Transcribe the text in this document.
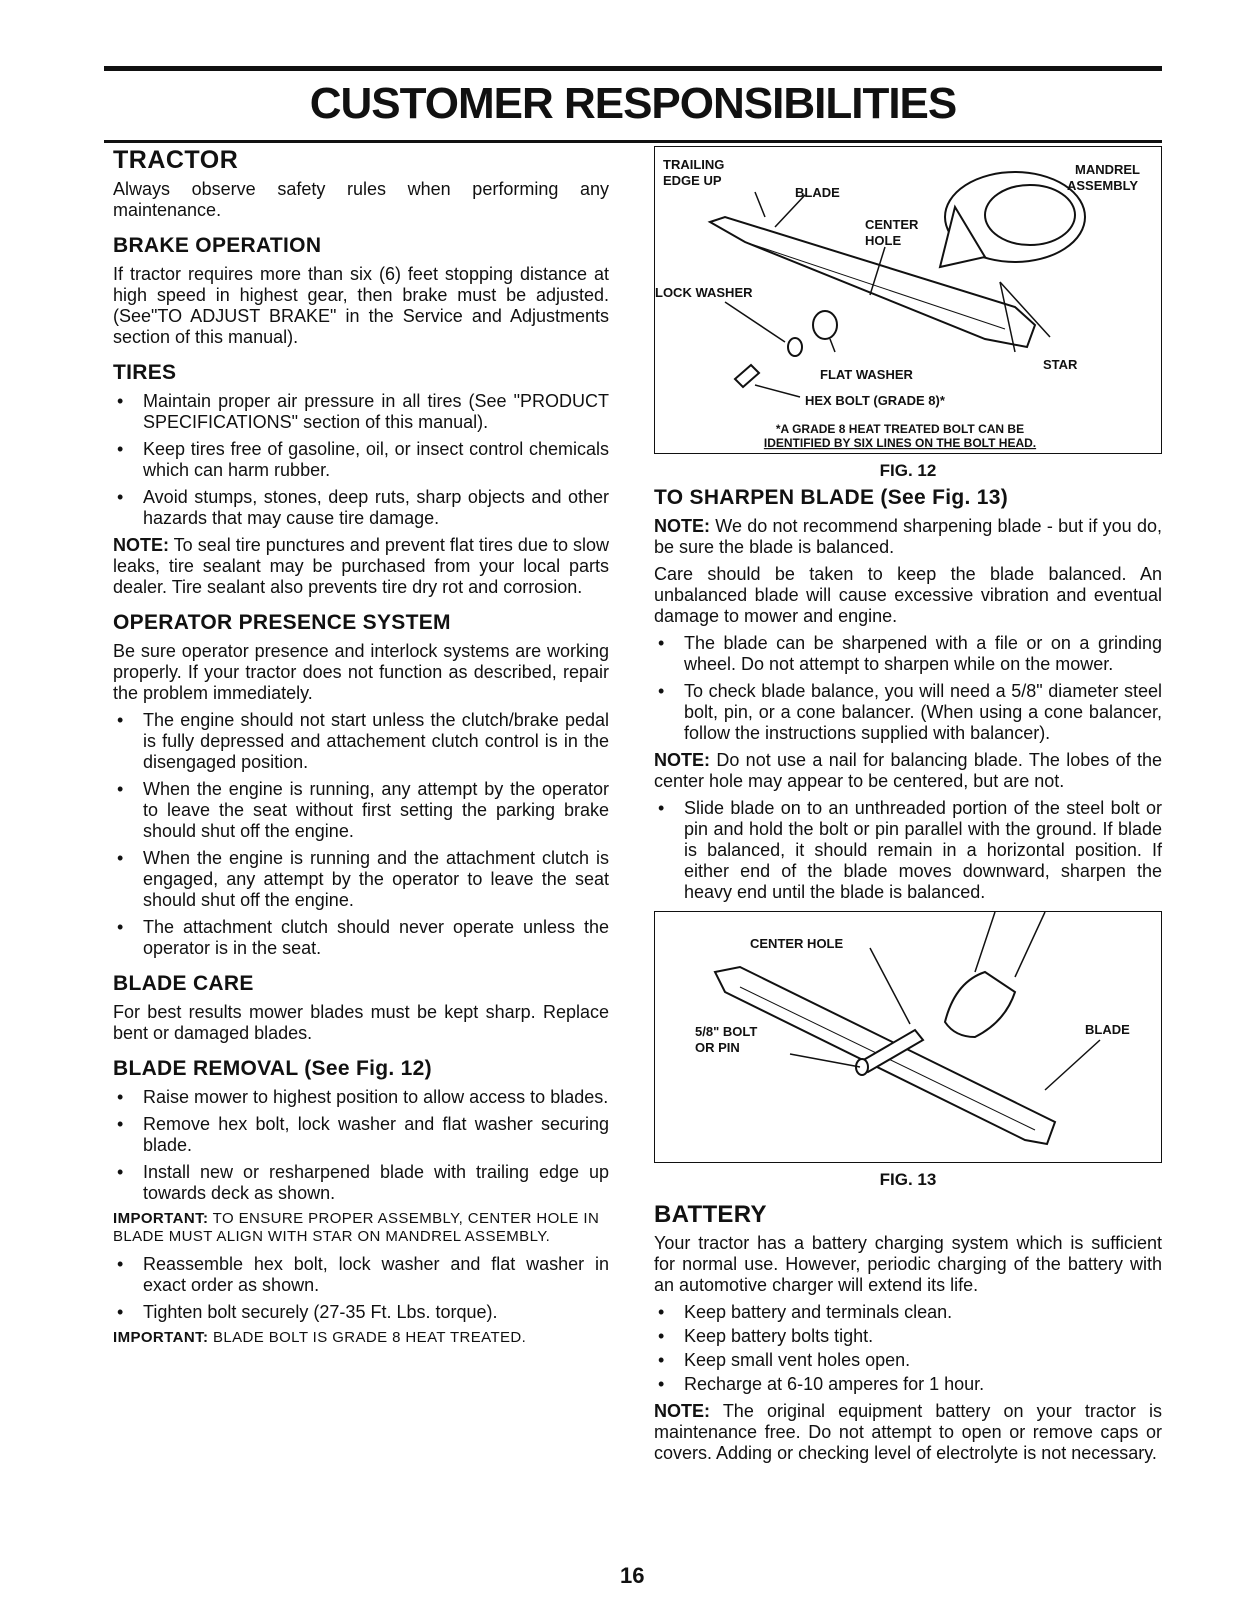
CUSTOMER RESPONSIBILITIES
TRACTOR

Always observe safety rules when performing any maintenance.

BRAKE OPERATION

If tractor requires more than six (6) feet stopping distance at high speed in highest gear, then brake must be adjusted. (See"TO ADJUST BRAKE" in the Service and Adjustments section of this manual).

TIRES
• Maintain proper air pressure in all tires (See "PRODUCT SPECIFICATIONS" section of this manual).
• Keep tires free of gasoline, oil, or insect control chemicals which can harm rubber.
• Avoid stumps, stones, deep ruts, sharp objects and other hazards that may cause tire damage.

NOTE: To seal tire punctures and prevent flat tires due to slow leaks, tire sealant may be purchased from your local parts dealer. Tire sealant also prevents tire dry rot and corrosion.

OPERATOR PRESENCE SYSTEM

Be sure operator presence and interlock systems are working properly. If your tractor does not function as described, repair the problem immediately.

• The engine should not start unless the clutch/brake pedal is fully depressed and attachement clutch control is in the disengaged position.
• When the engine is running, any attempt by the operator to leave the seat without first setting the parking brake should shut off the engine.
• When the engine is running and the attachment clutch is engaged, any attempt by the operator to leave the seat should shut off the engine.
• The attachment clutch should never operate unless the operator is in the seat.
BLADE CARE

For best results mower blades must be kept sharp. Replace bent or damaged blades.

BLADE REMOVAL (See Fig. 12)
• Raise mower to highest position to allow access to blades.
• Remove hex bolt, lock washer and flat washer securing blade.
• Install new or resharpened blade with trailing edge up towards deck as shown.

IMPORTANT: TO ENSURE PROPER ASSEMBLY, CENTER HOLE IN BLADE MUST ALIGN WITH STAR ON MANDREL ASSEMBLY.

• Reassemble hex bolt, lock washer and flat washer in exact order as shown.
• Tighten bolt securely (27-35 Ft. Lbs. torque).

IMPORTANT: BLADE BOLT IS GRADE 8 HEAT TREATED.

TRAILING
EDGE UP
BLADE
MANDREL
ASSEMBLY
CENTER
HOLE
LOCK WASHER
STAR
FLAT WASHER
HEX BOLT (GRADE 8)*
*A GRADE 8 HEAT TREATED BOLT CAN BE
IDENTIFIED BY SIX LINES ON THE BOLT HEAD.
FIG. 12
TO SHARPEN BLADE (See Fig. 13)

NOTE: We do not recommend sharpening blade - but if you do, be sure the blade is balanced.

Care should be taken to keep the blade balanced. An unbalanced blade will cause excessive vibration and eventual damage to mower and engine.

• The blade can be sharpened with a file or on a grinding wheel. Do not attempt to sharpen while on the mower.
• To check blade balance, you will need a 5/8" diameter steel bolt, pin, or a cone balancer. (When using a cone balancer, follow the instructions supplied with balancer).

NOTE: Do not use a nail for balancing blade. The lobes of the center hole may appear to be centered, but are not.

• Slide blade on to an unthreaded portion of the steel bolt or pin and hold the bolt or pin parallel with the ground. If blade is balanced, it should remain in a horizontal position. If either end of the blade moves downward, sharpen the heavy end until the blade is balanced.
CENTER HOLE
5/8" BOLT
OR PIN
BLADE
FIG. 13
BATTERY

Your tractor has a battery charging system which is sufficient for normal use. However, periodic charging of the battery with an automotive charger will extend its life.

• Keep battery and terminals clean.
• Keep battery bolts tight.
• Keep small vent holes open.
• Recharge at 6-10 amperes for 1 hour.

NOTE: The original equipment battery on your tractor is maintenance free. Do not attempt to open or remove caps or covers. Adding or checking level of electrolyte is not necessary.

16
